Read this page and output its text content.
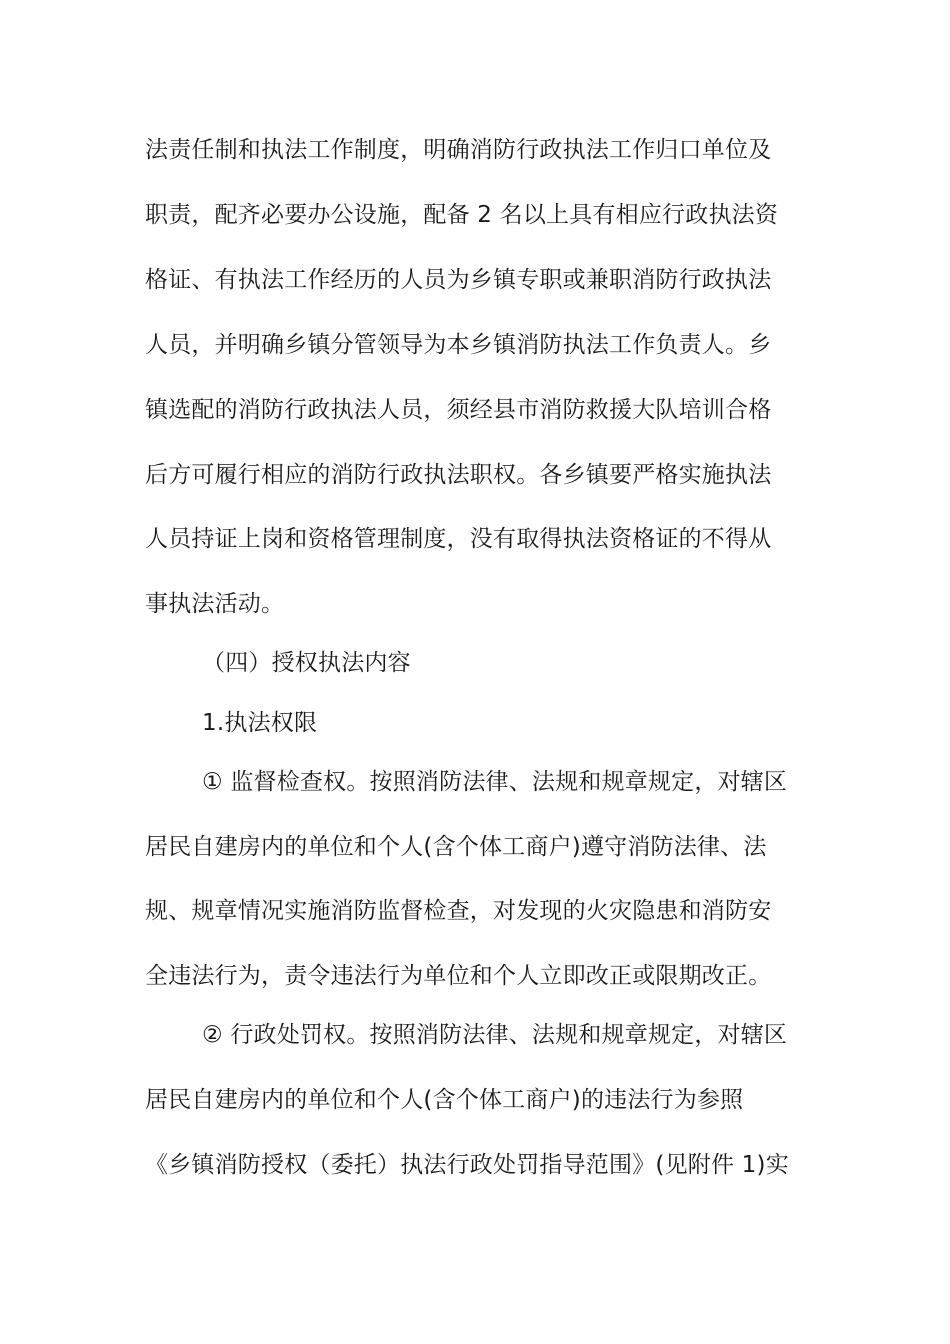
法责任制和执法工作制度，明确消防行政执法工作归口单位及
职责，配齐必要办公设施，配备 2 名以上具有相应行政执法资
格证、有执法工作经历的人员为乡镇专职或兼职消防行政执法
人员，并明确乡镇分管领导为本乡镇消防执法工作负责人。乡
镇选配的消防行政执法人员，须经县市消防救援大队培训合格
后方可履行相应的消防行政执法职权。各乡镇要严格实施执法
人员持证上岗和资格管理制度，没有取得执法资格证的不得从
事执法活动。
（四）授权执法内容
1.执法权限
① 监督检查权。按照消防法律、法规和规章规定，对辖区
居民自建房内的单位和个人(含个体工商户)遵守消防法律、法
规、规章情况实施消防监督检查，对发现的火灾隐患和消防安
全违法行为，责令违法行为单位和个人立即改正或限期改正。
② 行政处罚权。按照消防法律、法规和规章规定，对辖区
居民自建房内的单位和个人(含个体工商户)的违法行为参照
《乡镇消防授权（委托）执法行政处罚指导范围》(见附件 1)实
